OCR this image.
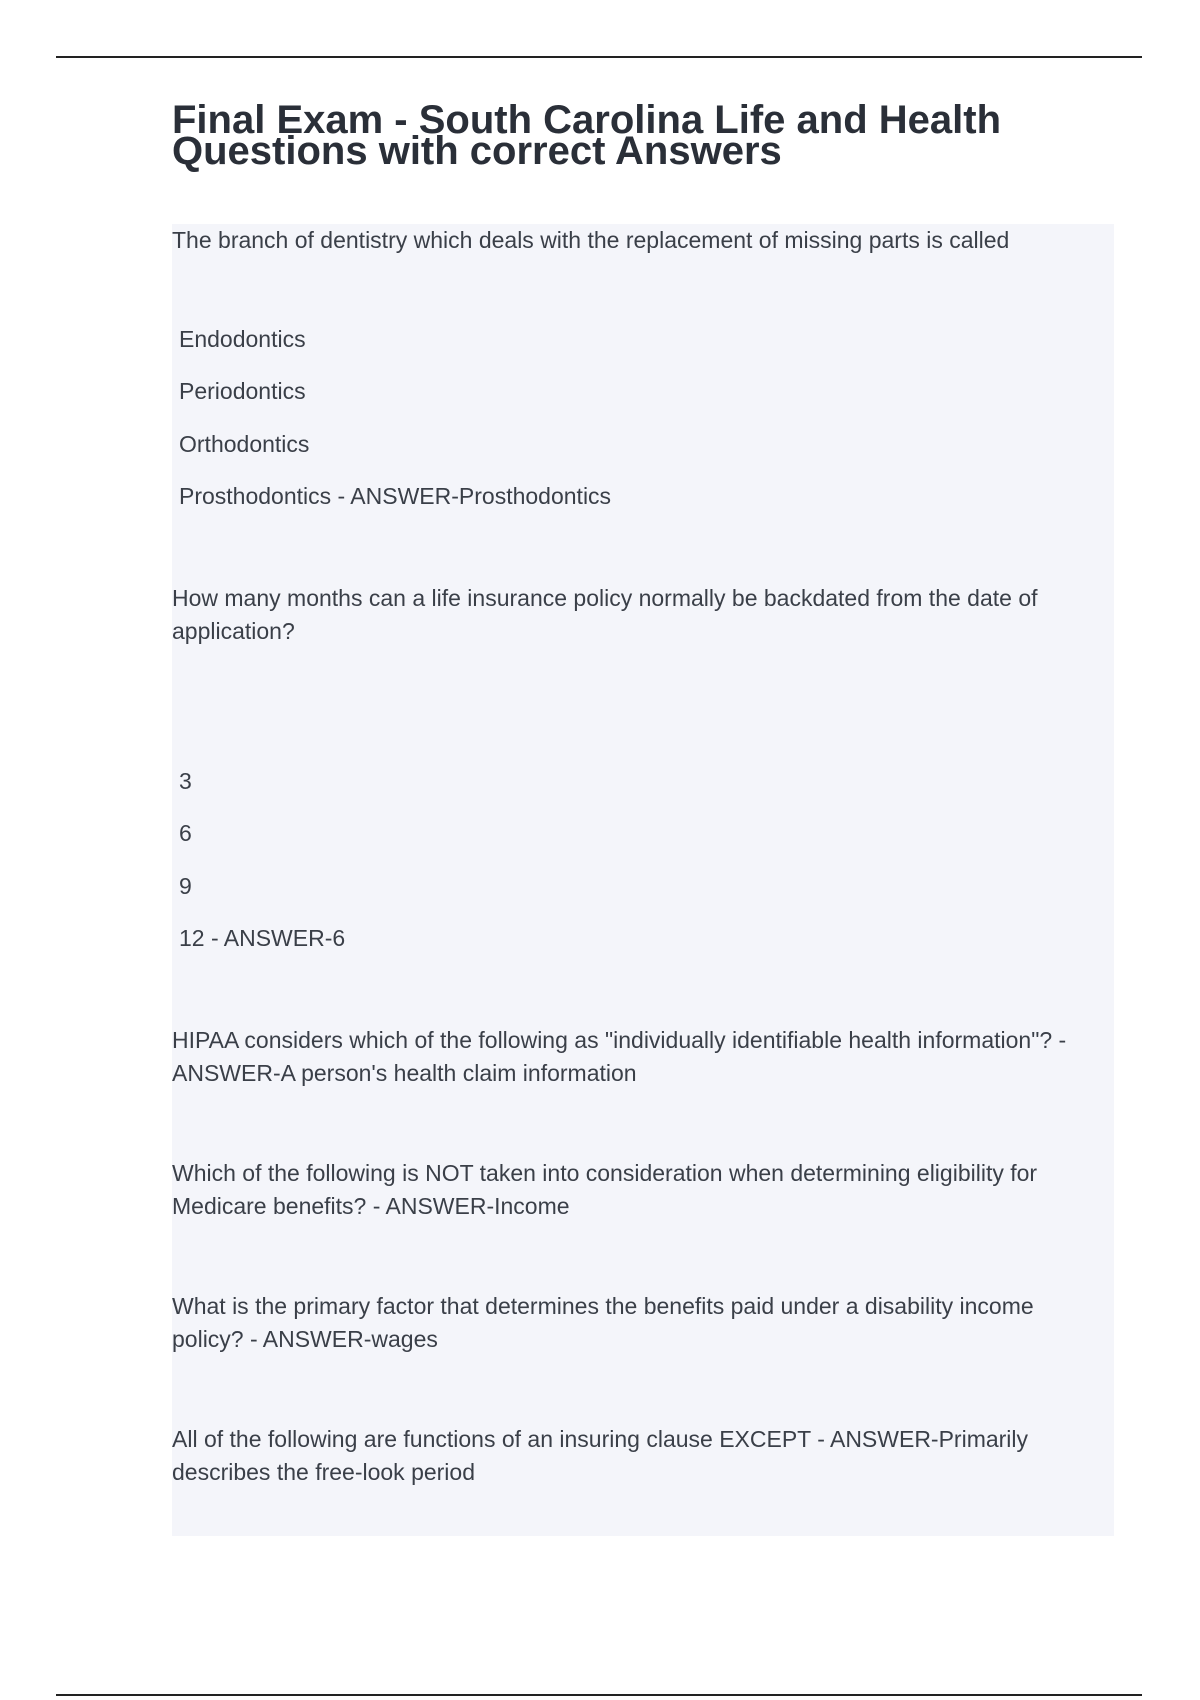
Final Exam - South Carolina Life and Health Questions with correct Answers

The branch of dentistry which deals with the replacement of missing parts is called

Endodontics

Periodontics

Orthodontics

Prosthodontics - ANSWER-Prosthodontics

How many months can a life insurance policy normally be backdated from the date of application?

3

6

9

12 - ANSWER-6

HIPAA considers which of the following as "individually identifiable health information"? - ANSWER-A person's health claim information

Which of the following is NOT taken into consideration when determining eligibility for Medicare benefits? - ANSWER-Income

What is the primary factor that determines the benefits paid under a disability income policy? - ANSWER-wages

All of the following are functions of an insuring clause EXCEPT - ANSWER-Primarily describes the free-look period
